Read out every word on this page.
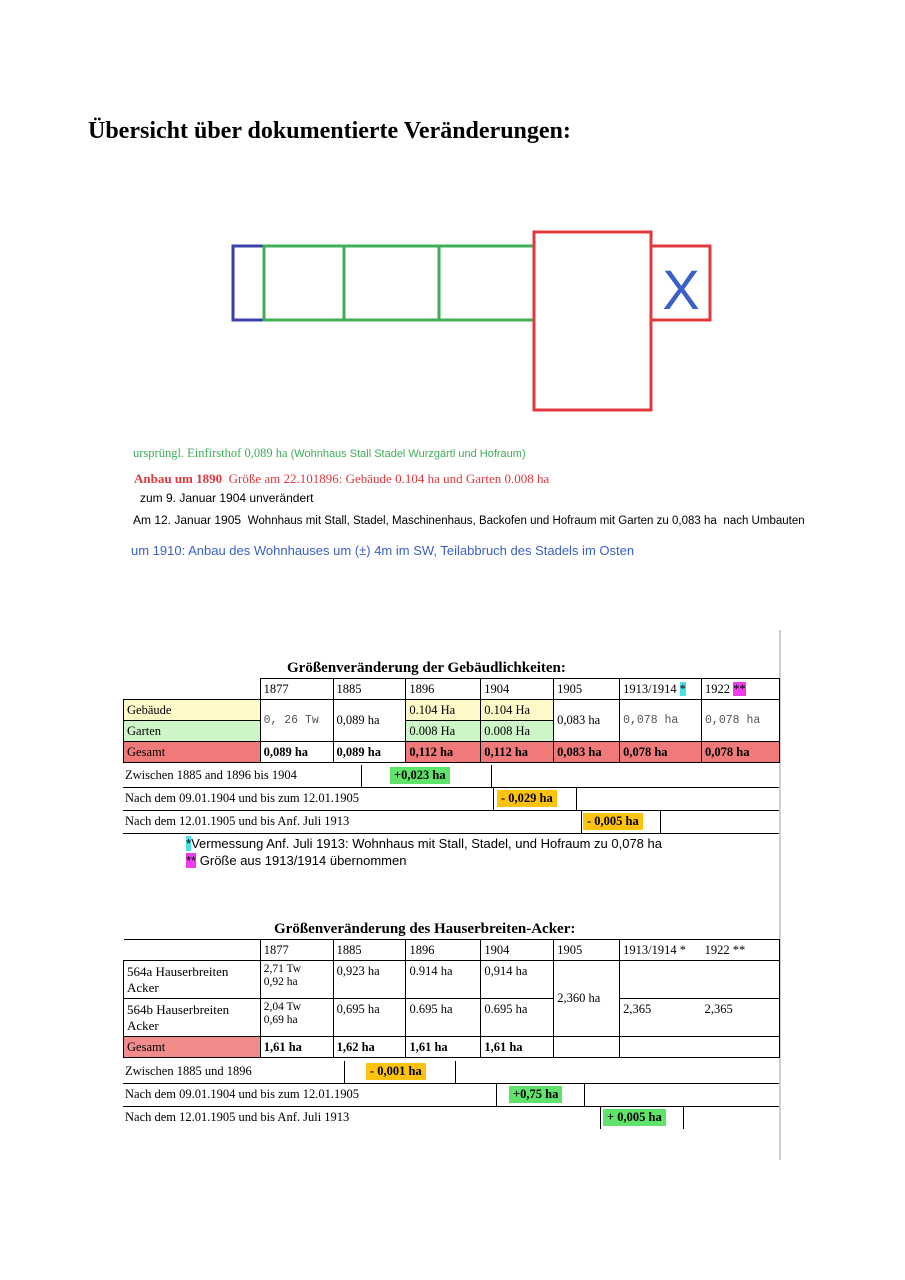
Übersicht über dokumentierte Veränderungen:
X
ursprüngl. Einfirsthof 0,089 ha (Wohnhaus Stall Stadel Wurzgärtl und Hofraum)
Anbau um 1890 Größe am 22.101896: Gebäude 0.104 ha und Garten 0.008 ha
zum 9. Januar 1904 unverändert
Am 12. Januar 1905 Wohnhaus mit Stall, Stadel, Maschinenhaus, Backofen und Hofraum mit Garten zu 0,083 ha nach Umbauten
um 1910: Anbau des Wohnhauses um (±) 4m im SW, Teilabbruch des Stadels im Osten
Größenveränderung der Gebäudlichkeiten:
	1877	1885	1896	1904	1905	1913/1914 *	1922 **
Gebäude	0, 26 Tw	0,089 ha	0.104 Ha	0.104 Ha	0,083 ha	0,078 ha	0,078 ha
Garten			0.008 Ha	0.008 Ha			
Gesamt	0,089 ha	0,089 ha	0,112 ha	0,112 ha	0,083 ha	0,078 ha	0,078 ha
Zwischen 1885 and 1896 bis 1904	+0,023 ha
Nach dem 09.01.1904 und bis zum 12.01.1905	- 0,029 ha
Nach dem 12.01.1905 und bis Anf. Juli 1913	- 0,005 ha
*Vermessung Anf. Juli 1913: Wohnhaus mit Stall, Stadel, und Hofraum zu 0,078 ha
** Größe aus 1913/1914 übernommen
Größenveränderung des Hauserbreiten-Acker:
	1877	1885	1896	1904	1905	1913/1914 *	1922 **
564a Hauserbreiten Acker	2,71 Tw
0,92 ha	0,923 ha	0.914 ha	0,914 ha	2,360 ha		
564b Hauserbreiten Acker	2,04 Tw
0,69 ha	0,695 ha	0.695 ha	0.695 ha		2,365	2,365
Gesamt	1,61 ha	1,62 ha	1,61 ha	1,61 ha			
Zwischen 1885 und 1896	- 0,001 ha
Nach dem 09.01.1904 und bis zum 12.01.1905	+0,75 ha
Nach dem 12.01.1905 und bis Anf. Juli 1913	+ 0,005 ha
